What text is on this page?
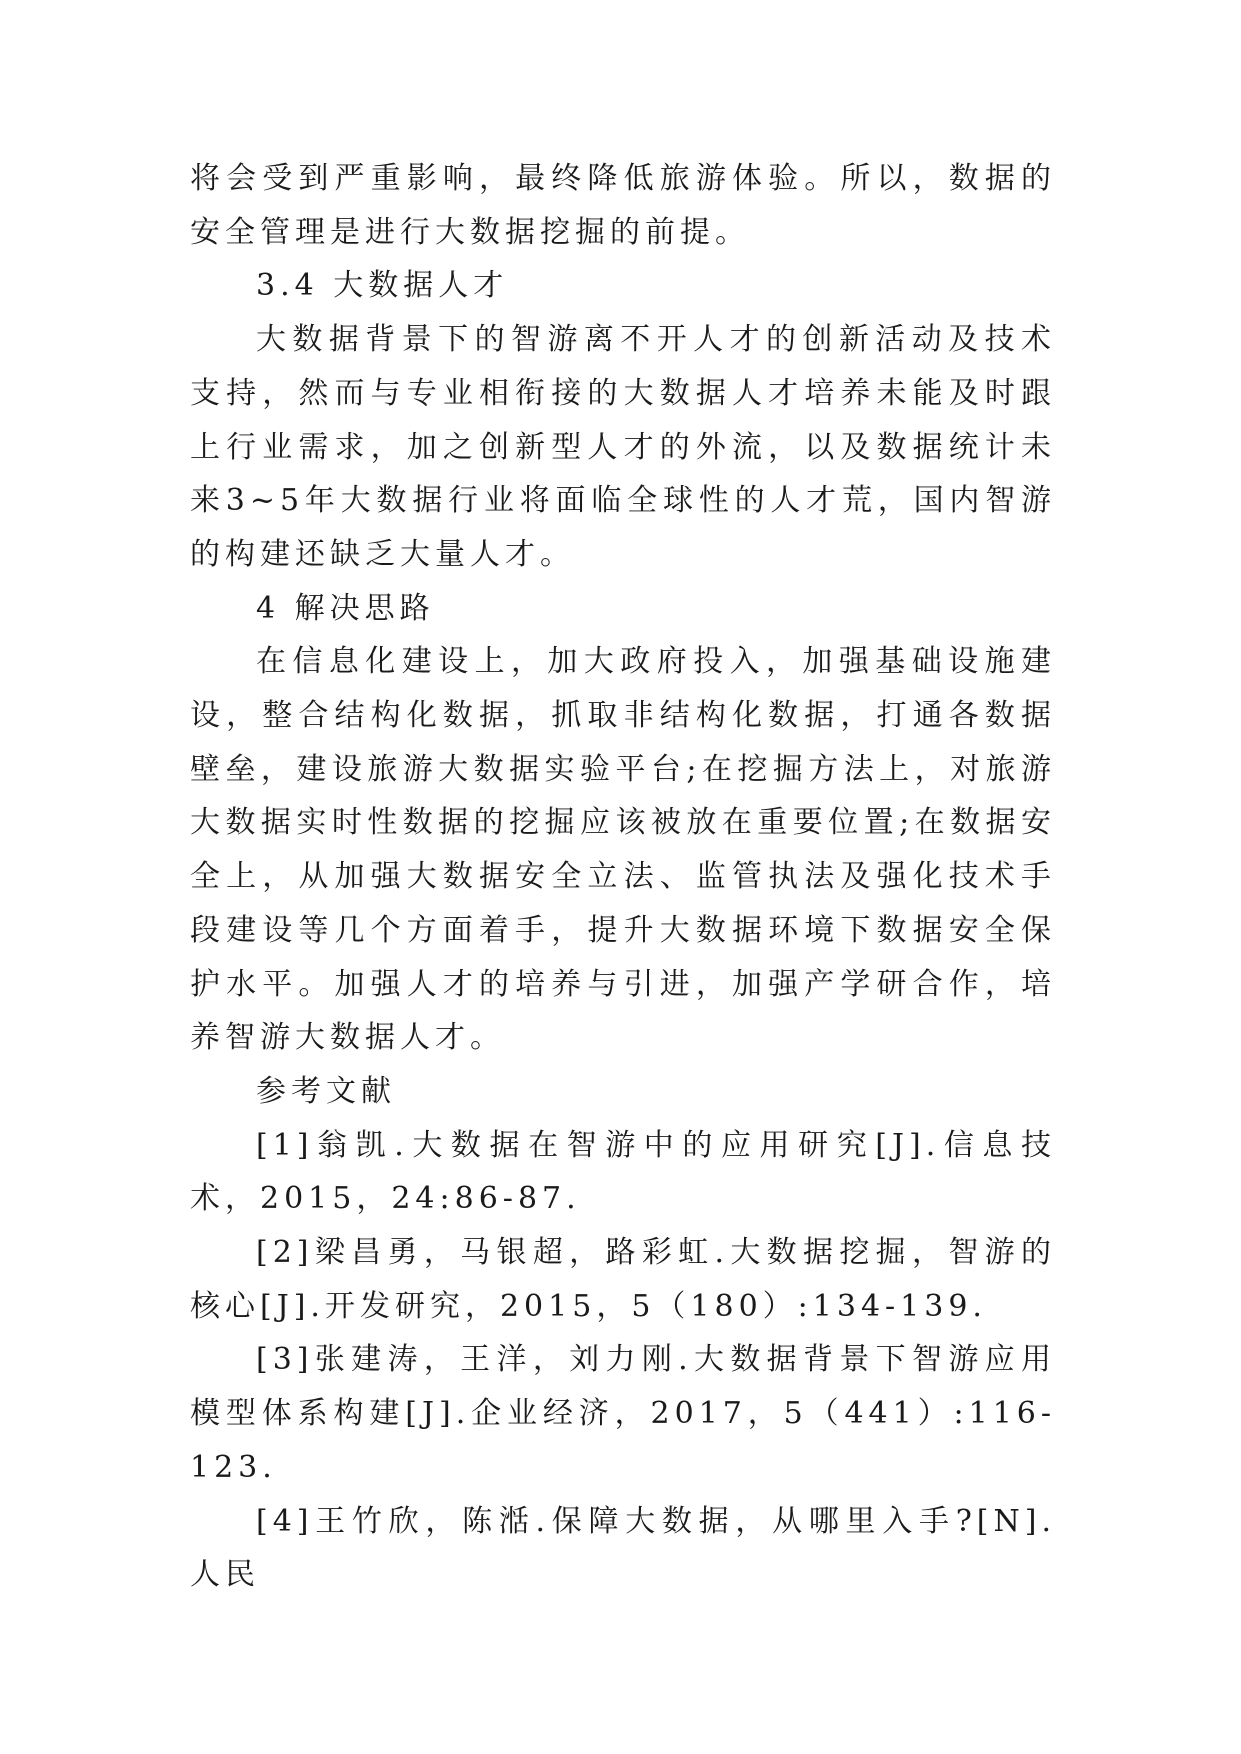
将会受到严重影响，最终降低旅游体验。所以，数据的安全管理是进行大数据挖掘的前提。

3.4 大数据人才

大数据背景下的智游离不开人才的创新活动及技术支持，然而与专业相衔接的大数据人才培养未能及时跟上行业需求，加之创新型人才的外流，以及数据统计未来3~5年大数据行业将面临全球性的人才荒，国内智游的构建还缺乏大量人才。

4 解决思路

在信息化建设上，加大政府投入，加强基础设施建设，整合结构化数据，抓取非结构化数据，打通各数据壁垒，建设旅游大数据实验平台;在挖掘方法上，对旅游大数据实时性数据的挖掘应该被放在重要位置;在数据安全上，从加强大数据安全立法、监管执法及强化技术手段建设等几个方面着手，提升大数据环境下数据安全保护水平。加强人才的培养与引进，加强产学研合作，培养智游大数据人才。

参考文献

[1]翁凯.大数据在智游中的应用研究[J].信息技术，2015，24:86-87.

[2]梁昌勇，马银超，路彩虹.大数据挖掘，智游的核心[J].开发研究，2015，5（180）:134-139.

[3]张建涛，王洋，刘力刚.大数据背景下智游应用模型体系构建[J].企业经济，2017，5（441）:116-123.

[4]王竹欣，陈湉.保障大数据，从哪里入手?[N].人民
